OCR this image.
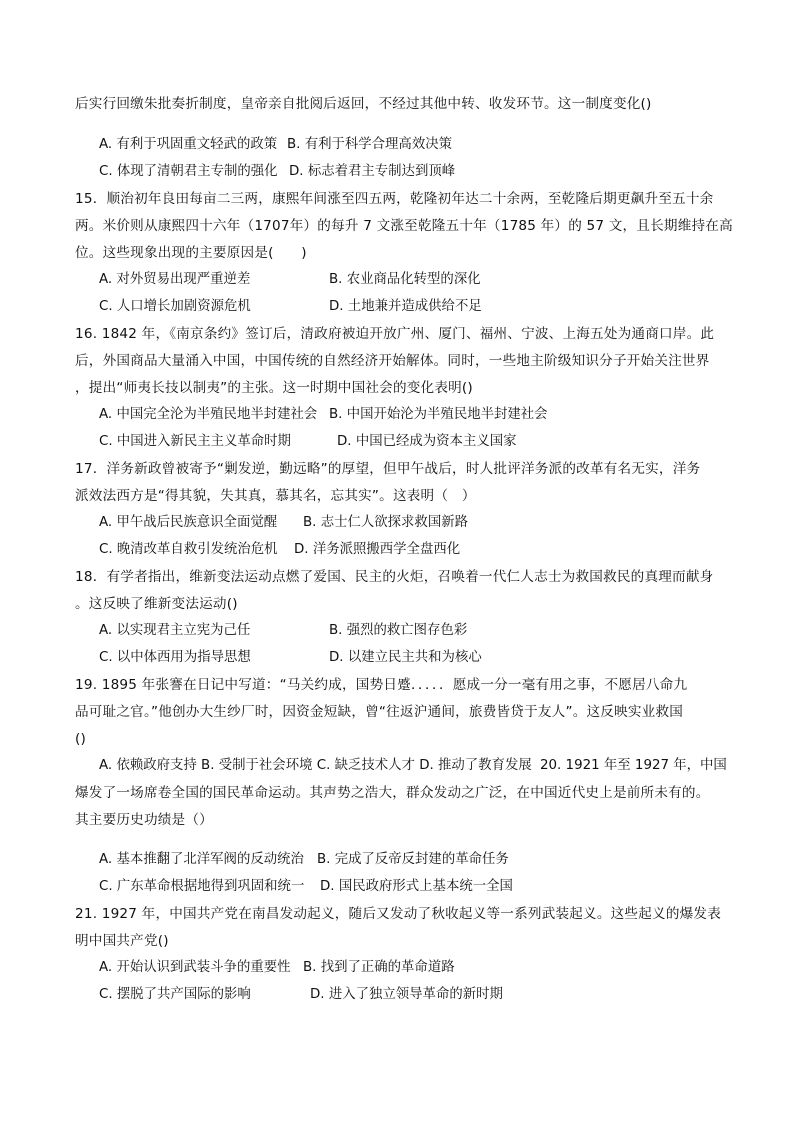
后实行回缴朱批奏折制度，皇帝亲自批阅后返回，不经过其他中转、收发环节。这一制度变化()
A. 有利于巩固重文轻武的政策 B. 有利于科学合理高效决策
C. 体现了清朝君主专制的强化 D. 标志着君主专制达到顶峰
15．顺治初年良田每亩二三两，康熙年间涨至四五两，乾隆初年达二十余两，至乾隆后期更飙升至五十余
两。米价则从康熙四十六年（1707年）的每升 7 文涨至乾隆五十年（1785 年）的 57 文，且长期维持在高
位。这些现象出现的主要原因是(　　)
A. 对外贸易出现严重逆差	B. 农业商品化转型的深化
C. 人口增长加剧资源危机	D. 土地兼并造成供给不足
16. 1842 年，《南京条约》签订后，清政府被迫开放广州、厦门、福州、宁波、上海五处为通商口岸。此
后，外国商品大量涌入中国，中国传统的自然经济开始解体。同时，一些地主阶级知识分子开始关注世界
，提出“师夷长技以制夷”的主张。这一时期中国社会的变化表明()
A. 中国完全沦为半殖民地半封建社会 B. 中国开始沦为半殖民地半封建社会
C. 中国进入新民主主义革命时期	D. 中国已经成为资本主义国家
17．洋务新政曾被寄予“剿发逆，勤远略”的厚望，但甲午战后，时人批评洋务派的改革有名无实，洋务
派效法西方是“得其貌，失其真，慕其名，忘其实”。这表明（　）
A. 甲午战后民族意识全面觉醒 B. 志士仁人欲探求救国新路
C. 晚清改革自救引发统治危机 D. 洋务派照搬西学全盘西化
18．有学者指出，维新变法运动点燃了爱国、民主的火炬，召唤着一代仁人志士为救国救民的真理而献身
。这反映了维新变法运动()
A. 以实现君主立宪为己任	B. 强烈的救亡图存色彩
C. 以中体西用为指导思想	D. 以建立民主共和为核心
19. 1895 年张謇在日记中写道：“马关约成，国势日蹙．．．．．愿成一分一毫有用之事，不愿居八命九
品可耻之官。”他创办大生纱厂时，因资金短缺，曾“往返沪通间，旅费皆贷于友人”。这反映实业救国
()
A. 依赖政府支持 B. 受制于社会环境 C. 缺乏技术人才 D. 推动了教育发展 20. 1921 年至 1927 年，中国
爆发了一场席卷全国的国民革命运动。其声势之浩大，群众发动之广泛，在中国近代史上是前所未有的。
其主要历史功绩是（）
A. 基本推翻了北洋军阀的反动统治 B. 完成了反帝反封建的革命任务
C. 广东革命根据地得到巩固和统一 D. 国民政府形式上基本统一全国
21. 1927 年，中国共产党在南昌发动起义，随后又发动了秋收起义等一系列武装起义。这些起义的爆发表
明中国共产党()
A. 开始认识到武装斗争的重要性 B. 找到了正确的革命道路
C. 摆脱了共产国际的影响	D. 进入了独立领导革命的新时期
